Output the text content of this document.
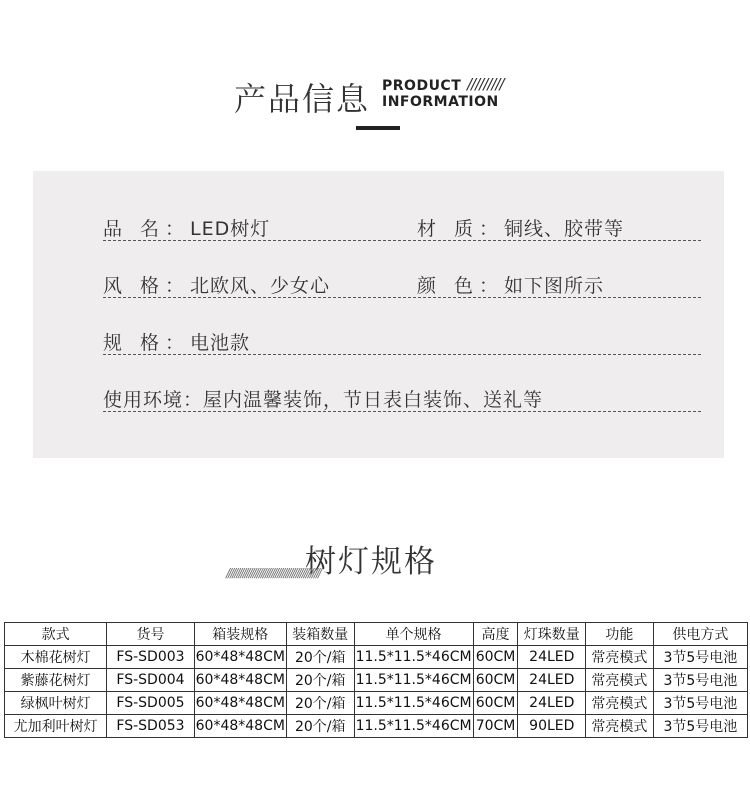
产品信息 PRODUCT
INFORMATION
/////////
品 名：LED树灯	材 质：铜线、胶带等
风 格：北欧风、少女心	颜 色：如下图所示
规 格：电池款
使用环境：屋内温馨装饰，节日表白装饰、送礼等
树灯规格
//////////////////////////////////////////////
款式	货号	箱装规格	装箱数量	单个规格	高度	灯珠数量	功能	供电方式
木棉花树灯	FS-SD003	60*48*48CM	20个/箱	11.5*11.5*46CM	60CM	24LED	常亮模式	3节5号电池
紫藤花树灯	FS-SD004	60*48*48CM	20个/箱	11.5*11.5*46CM	60CM	24LED	常亮模式	3节5号电池
绿枫叶树灯	FS-SD005	60*48*48CM	20个/箱	11.5*11.5*46CM	60CM	24LED	常亮模式	3节5号电池
尤加利叶树灯	FS-SD053	60*48*48CM	20个/箱	11.5*11.5*46CM	70CM	90LED	常亮模式	3节5号电池
